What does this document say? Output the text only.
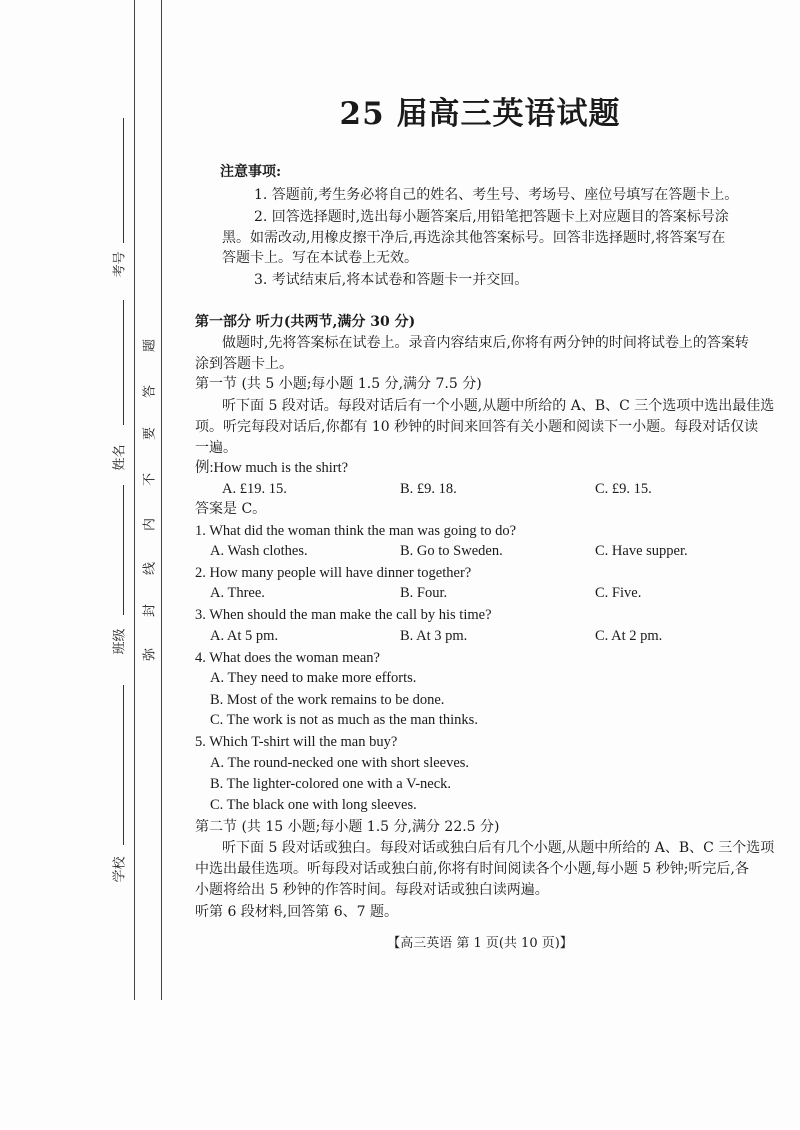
考号
姓名
班级
学校
弥
封
线
内
不
要
答
题
25 届高三英语试题
注意事项:
1. 答题前,考生务必将自己的姓名、考生号、考场号、座位号填写在答题卡上。
2. 回答选择题时,选出每小题答案后,用铅笔把答题卡上对应题目的答案标号涂
黑。如需改动,用橡皮擦干净后,再选涂其他答案标号。回答非选择题时,将答案写在
答题卡上。写在本试卷上无效。
3. 考试结束后,将本试卷和答题卡一并交回。
第一部分 听力(共两节,满分 30 分)
做题时,先将答案标在试卷上。录音内容结束后,你将有两分钟的时间将试卷上的答案转
涂到答题卡上。
第一节 (共 5 小题;每小题 1.5 分,满分 7.5 分)
听下面 5 段对话。每段对话后有一个小题,从题中所给的 A、B、C 三个选项中选出最佳选
项。听完每段对话后,你都有 10 秒钟的时间来回答有关小题和阅读下一小题。每段对话仅读
一遍。
例:How much is the shirt?
A. £19. 15.	B. £9. 18.	C. £9. 15.
答案是 C。
1. What did the woman think the man was going to do?
A. Wash clothes.	B. Go to Sweden.	C. Have supper.
2. How many people will have dinner together?
A. Three.	B. Four.	C. Five.
3. When should the man make the call by his time?
A. At 5 pm.	B. At 3 pm.	C. At 2 pm.
4. What does the woman mean?
A. They need to make more efforts.
B. Most of the work remains to be done.
C. The work is not as much as the man thinks.
5. Which T-shirt will the man buy?
A. The round-necked one with short sleeves.
B. The lighter-colored one with a V-neck.
C. The black one with long sleeves.
第二节 (共 15 小题;每小题 1.5 分,满分 22.5 分)
听下面 5 段对话或独白。每段对话或独白后有几个小题,从题中所给的 A、B、C 三个选项
中选出最佳选项。听每段对话或独白前,你将有时间阅读各个小题,每小题 5 秒钟;听完后,各
小题将给出 5 秒钟的作答时间。每段对话或独白读两遍。
听第 6 段材料,回答第 6、7 题。
【高三英语 第 1 页(共 10 页)】
